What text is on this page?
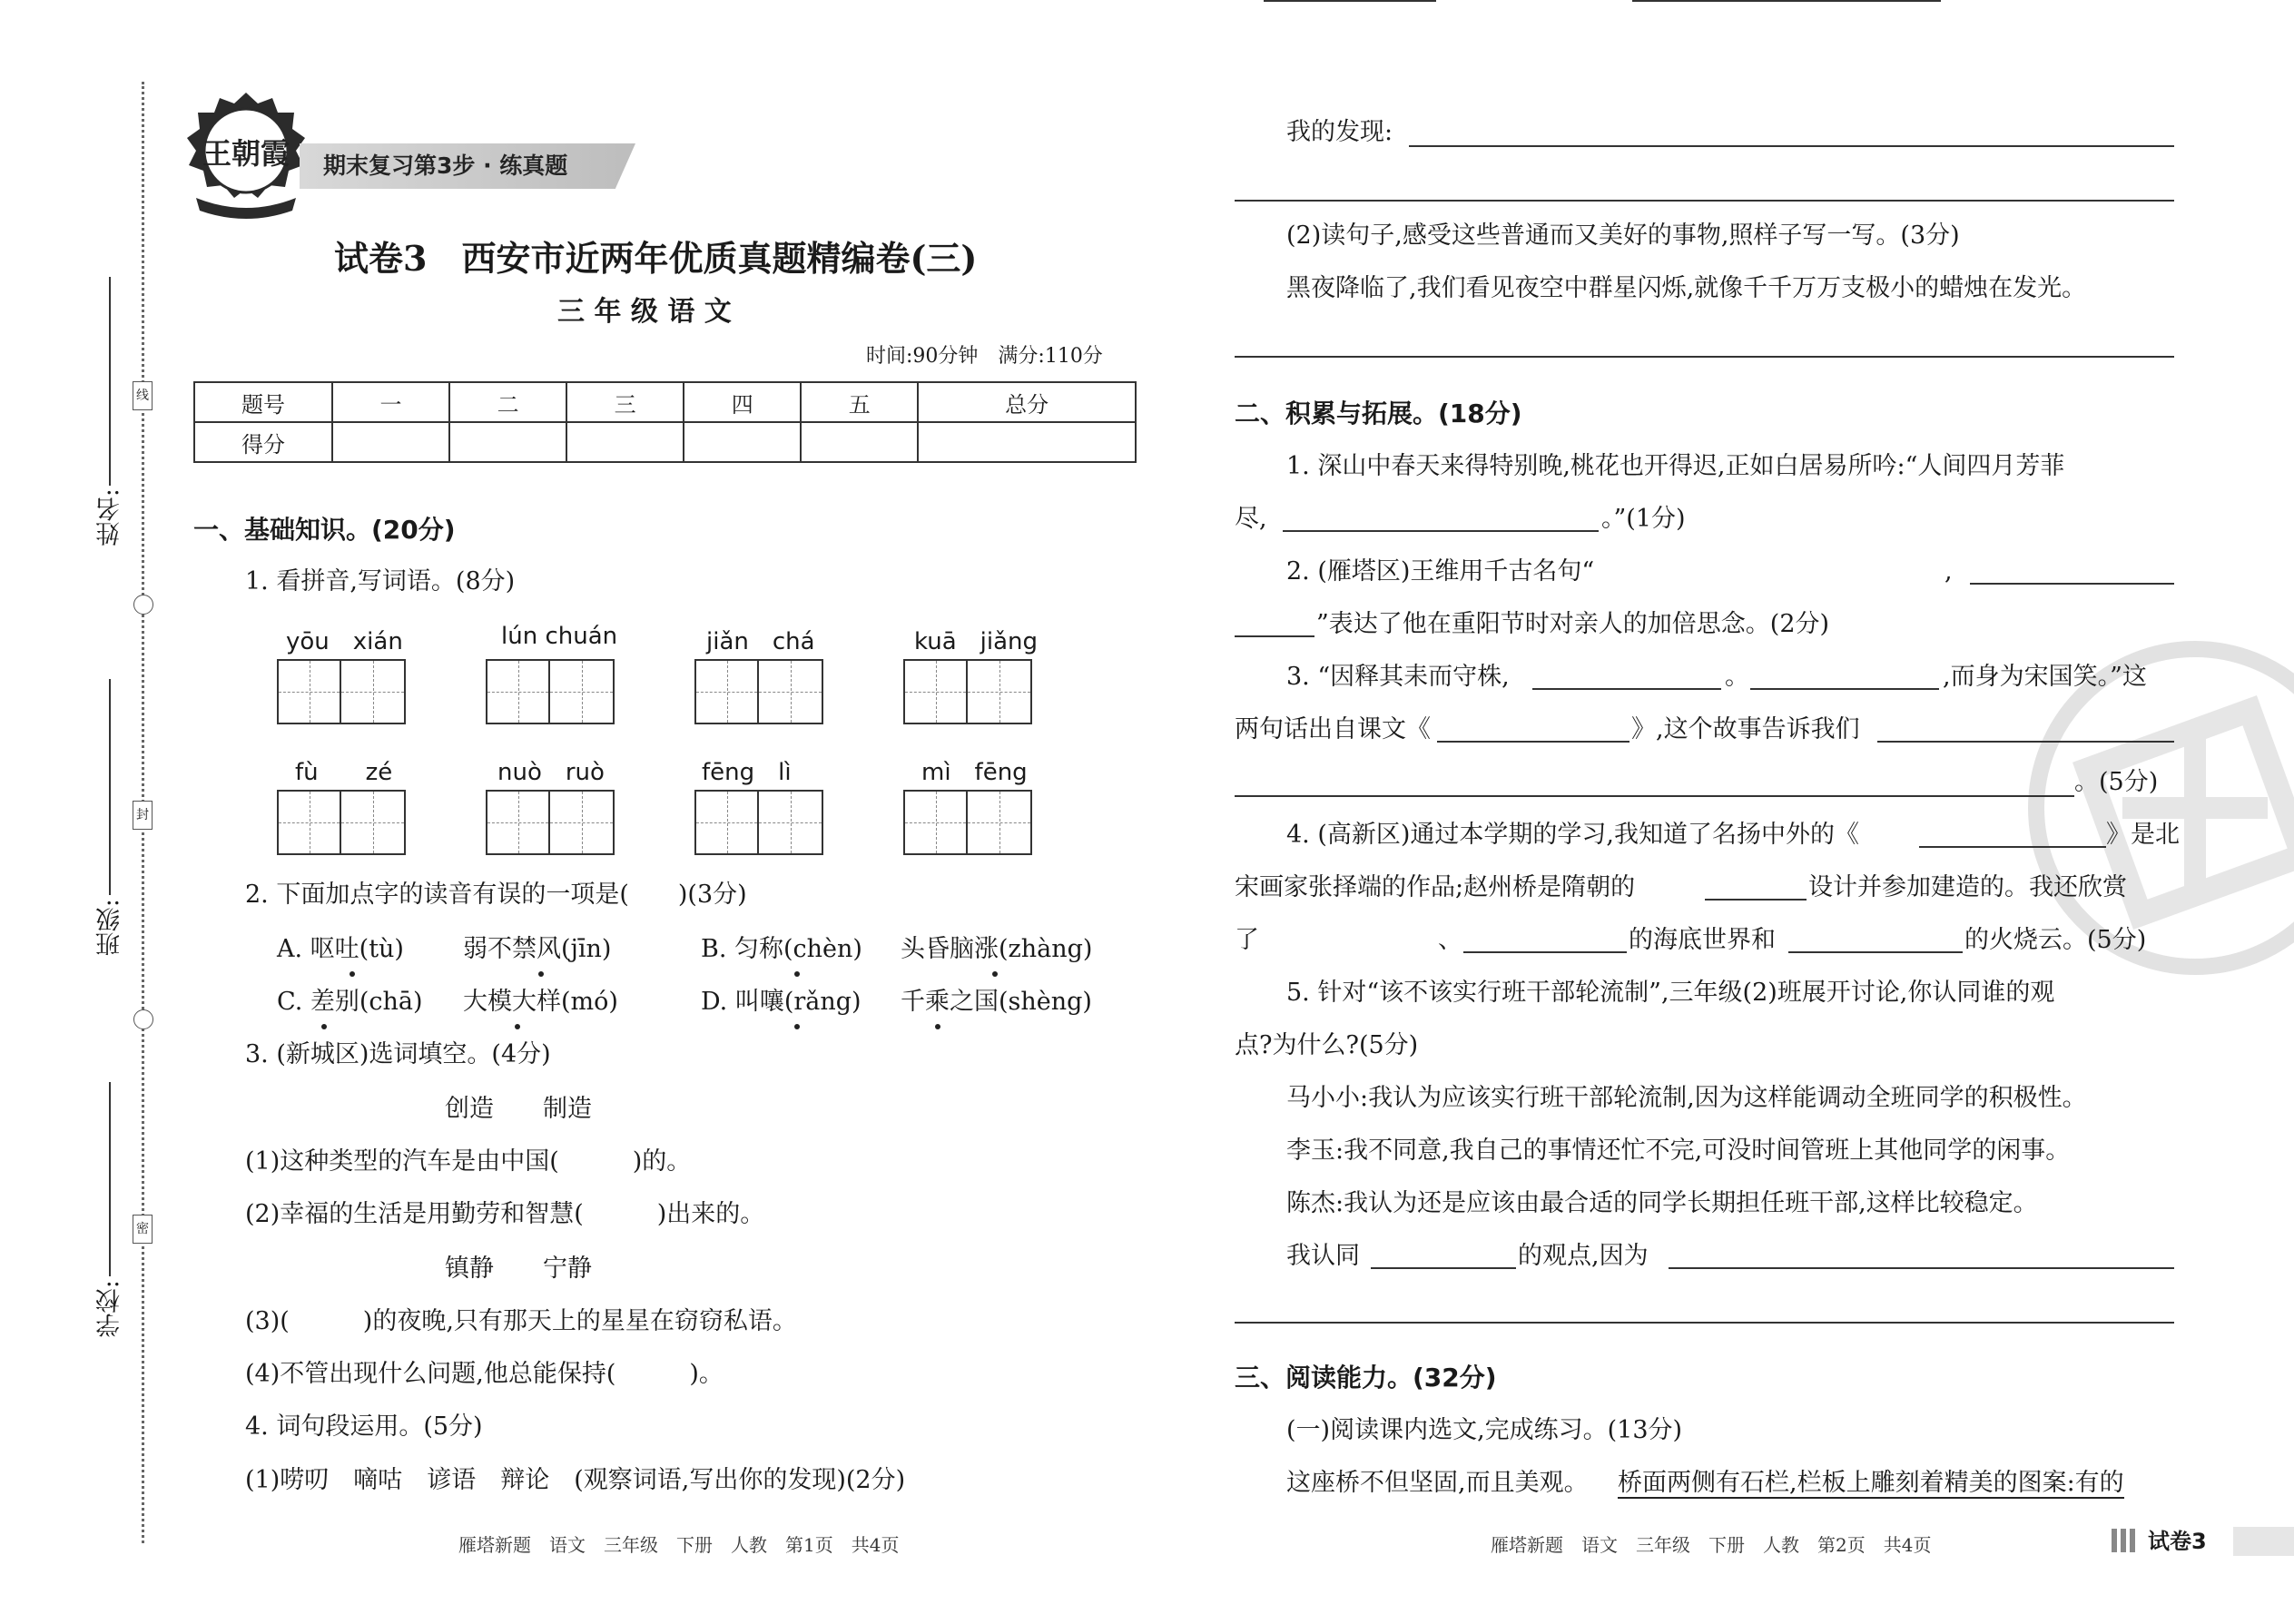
线
封
密
姓名:
班级:
学校:
王朝霞 期末复习第3步 · 练真题
试卷3　西安市近两年优质真题精编卷(三)
三 年 级 语 文
时间:90分钟　满分:110分
题号	一	二	三	四	五	总分
得分						
一、基础知识。(20分)
1. 看拼音,写词语。(8分)
yōu　xián	lún chuán	jiǎn　chá	kuā　jiǎng
fù　　zé	nuò　ruò	fēng　lì	mì　fēng
2. 下面加点字的读音有误的一项是(　　)(3分)
A. 呕吐(tù) 弱不禁风(jīn)	B. 匀称(chèn) 头昏脑涨(zhàng)
C. 差别(chā) 大模大样(mó)	D. 叫嚷(rǎng) 千乘之国(shèng)
3. (新城区)选词填空。(4分)
创造　　制造
(1)这种类型的汽车是由中国(　　　)的。
(2)幸福的生活是用勤劳和智慧(　　　)出来的。
镇静　　宁静
(3)(　　　)的夜晚,只有那天上的星星在窃窃私语。
(4)不管出现什么问题,他总能保持(　　　)。
4. 词句段运用。(5分)
(1)唠叨　嘀咕　谚语　辩论　(观察词语,写出你的发现)(2分)
雁塔新题　语文　三年级　下册　人教　第1页　共4页
我的发现:
(2)读句子,感受这些普通而又美好的事物,照样子写一写。(3分)
黑夜降临了,我们看见夜空中群星闪烁,就像千千万万支极小的蜡烛在发光。
二、积累与拓展。(18分)
1. 深山中春天来得特别晚,桃花也开得迟,正如白居易所吟:“人间四月芳菲
尽,	。”(1分)
2. (雁塔区)王维用千古名句“	,
”表达了他在重阳节时对亲人的加倍思念。(2分)
3. “因释其耒而守株,	。	,而身为宋国笑。”这
两句话出自课文《	》,这个故事告诉我们
。(5分)
4. (高新区)通过本学期的学习,我知道了名扬中外的《	》是北
宋画家张择端的作品;赵州桥是隋朝的	设计并参加建造的。我还欣赏
了	、	的海底世界和	的火烧云。(5分)
5. 针对“该不该实行班干部轮流制”,三年级(2)班展开讨论,你认同谁的观
点?为什么?(5分)
马小小:我认为应该实行班干部轮流制,因为这样能调动全班同学的积极性。
李玉:我不同意,我自己的事情还忙不完,可没时间管班上其他同学的闲事。
陈杰:我认为还是应该由最合适的同学长期担任班干部,这样比较稳定。
我认同	的观点,因为
三、阅读能力。(32分)
(一)阅读课内选文,完成练习。(13分)
这座桥不但坚固,而且美观。 桥面两侧有石栏,栏板上雕刻着精美的图案:有的
雁塔新题　语文　三年级　下册　人教　第2页　共4页	试卷3
